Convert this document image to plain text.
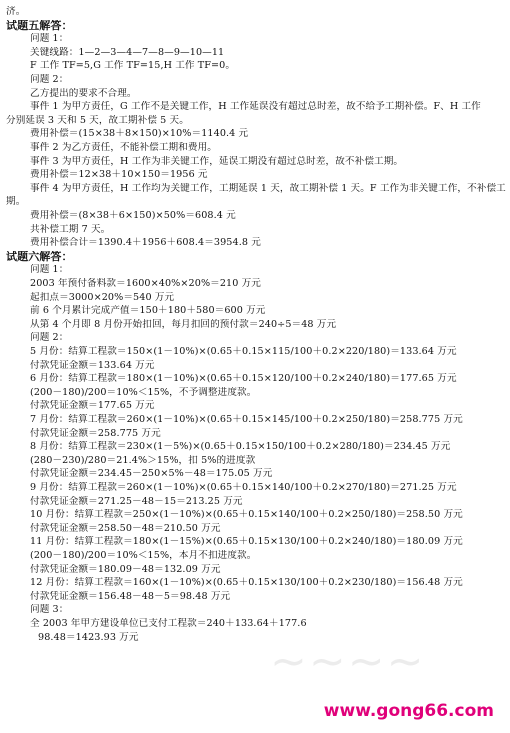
~~~~
济。
试题五解答：
问题 1：
关键线路：1—2—3—4—7—8—9—10—11
F 工作 TF=5,G 工作 TF=15,H 工作 TF=0。
问题 2：
乙方提出的要求不合理。
事件 1 为甲方责任，G 工作不是关键工作，H 工作延误没有超过总时差，故不给予工期补偿。F、H 工作
分别延误 3 天和 5 天，故工期补偿 5 天。
费用补偿＝(15×38＋8×150)×10%＝1140.4 元
事件 2 为乙方责任，不能补偿工期和费用。
事件 3 为甲方责任，H 工作为非关键工作，延误工期没有超过总时差，故不补偿工期。
费用补偿＝12×38＋10×150＝1956 元
事件 4 为甲方责任，H 工作均为关键工作，工期延误 1 天，故工期补偿 1 天。F 工作为非关键工作，不补偿工
期。
费用补偿＝(8×38＋6×150)×50%＝608.4 元
共补偿工期 7 天。
费用补偿合计＝1390.4＋1956＋608.4＝3954.8 元
试题六解答：
问题 1：
2003 年预付备料款＝1600×40%×20%＝210 万元
起扣点＝3000×20%＝540 万元
前 6 个月累计完成产值＝150＋180＋580＝600 万元
从第 4 个月即 8 月份开始扣回，每月扣回的预付款＝240÷5＝48 万元
问题 2：
5 月份：结算工程款＝150×(1－10%)×(0.65＋0.15×115/100＋0.2×220/180)＝133.64 万元
付款凭证金额＝133.64 万元
6 月份：结算工程款＝180×(1－10%)×(0.65＋0.15×120/100＋0.2×240/180)＝177.65 万元
(200－180)/200＝10%＜15%，不予调整进度款。
付款凭证金额＝177.65 万元
7 月份：结算工程款＝260×(1－10%)×(0.65＋0.15×145/100＋0.2×250/180)＝258.775 万元
付款凭证金额＝258.775 万元
8 月份：结算工程款＝230×(1－5%)×(0.65＋0.15×150/100＋0.2×280/180)＝234.45 万元
(280－230)/280＝21.4%＞15%，扣 5%的进度款
付款凭证金额＝234.45－250×5%－48＝175.05 万元
9 月份：结算工程款＝260×(1－10%)×(0.65＋0.15×140/100＋0.2×270/180)＝271.25 万元
付款凭证金额＝271.25－48－15＝213.25 万元
10 月份：结算工程款＝250×(1－10%)×(0.65＋0.15×140/100＋0.2×250/180)＝258.50 万元
付款凭证金额＝258.50－48＝210.50 万元
11 月份：结算工程款＝180×(1－15%)×(0.65＋0.15×130/100＋0.2×240/180)＝180.09 万元
(200－180)/200＝10%＜15%，本月不扣进度款。
付款凭证金额＝180.09－48＝132.09 万元
12 月份：结算工程款＝160×(1－10%)×(0.65＋0.15×130/100＋0.2×230/180)＝156.48 万元
付款凭证金额＝156.48－48－5＝98.48 万元
问题 3：
全 2003 年甲方建设单位已支付工程款＝240＋133.64＋177.6
98.48＝1423.93 万元
www.gong66.com
